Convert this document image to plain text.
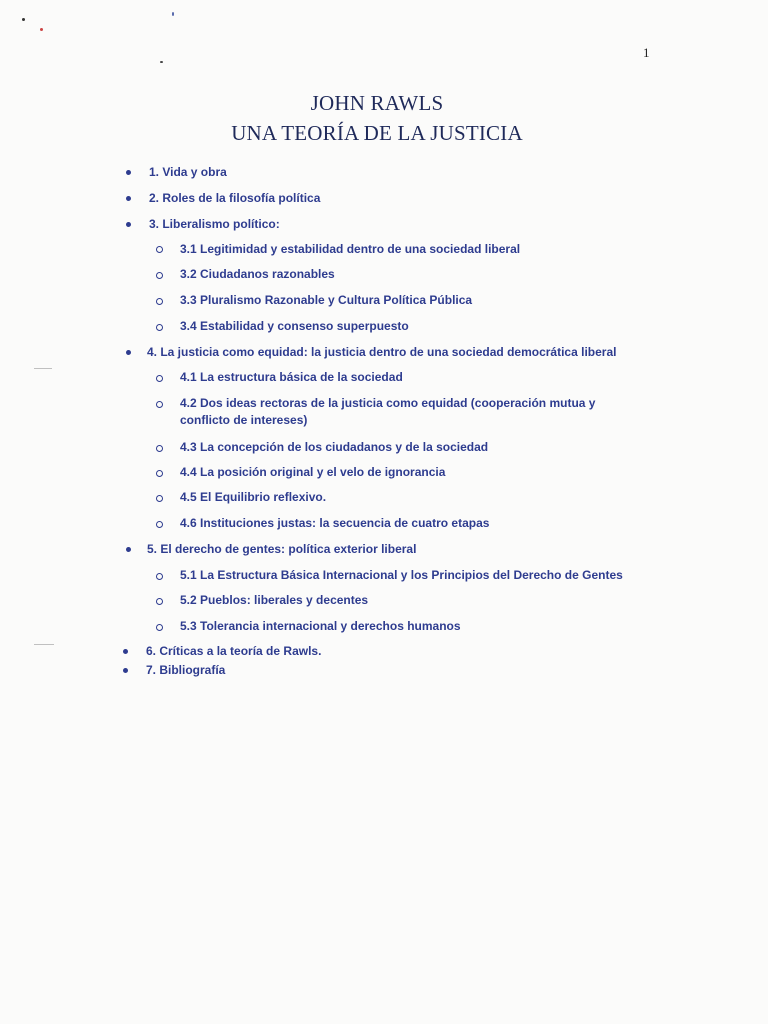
1
JOHN RAWLS
UNA TEORÍA DE LA JUSTICIA
1. Vida y obra
2. Roles de la filosofía política
3. Liberalismo político:
3.1 Legitimidad y estabilidad dentro de una sociedad liberal
3.2 Ciudadanos razonables
3.3 Pluralismo Razonable y Cultura Política Pública
3.4 Estabilidad y consenso superpuesto
4. La justicia como equidad: la justicia dentro de una sociedad democrática liberal
4.1 La estructura básica de la sociedad
4.2 Dos ideas rectoras de la justicia como equidad (cooperación mutua y conflicto de intereses)
4.3 La concepción de los ciudadanos y de la sociedad
4.4 La posición original y el velo de ignorancia
4.5 El Equilibrio reflexivo.
4.6 Instituciones justas: la secuencia de cuatro etapas
5. El derecho de gentes: política exterior liberal
5.1 La Estructura Básica Internacional y los Principios del Derecho de Gentes
5.2 Pueblos: liberales y decentes
5.3 Tolerancia internacional y derechos humanos
6. Críticas a la teoría de Rawls.
7. Bibliografía
